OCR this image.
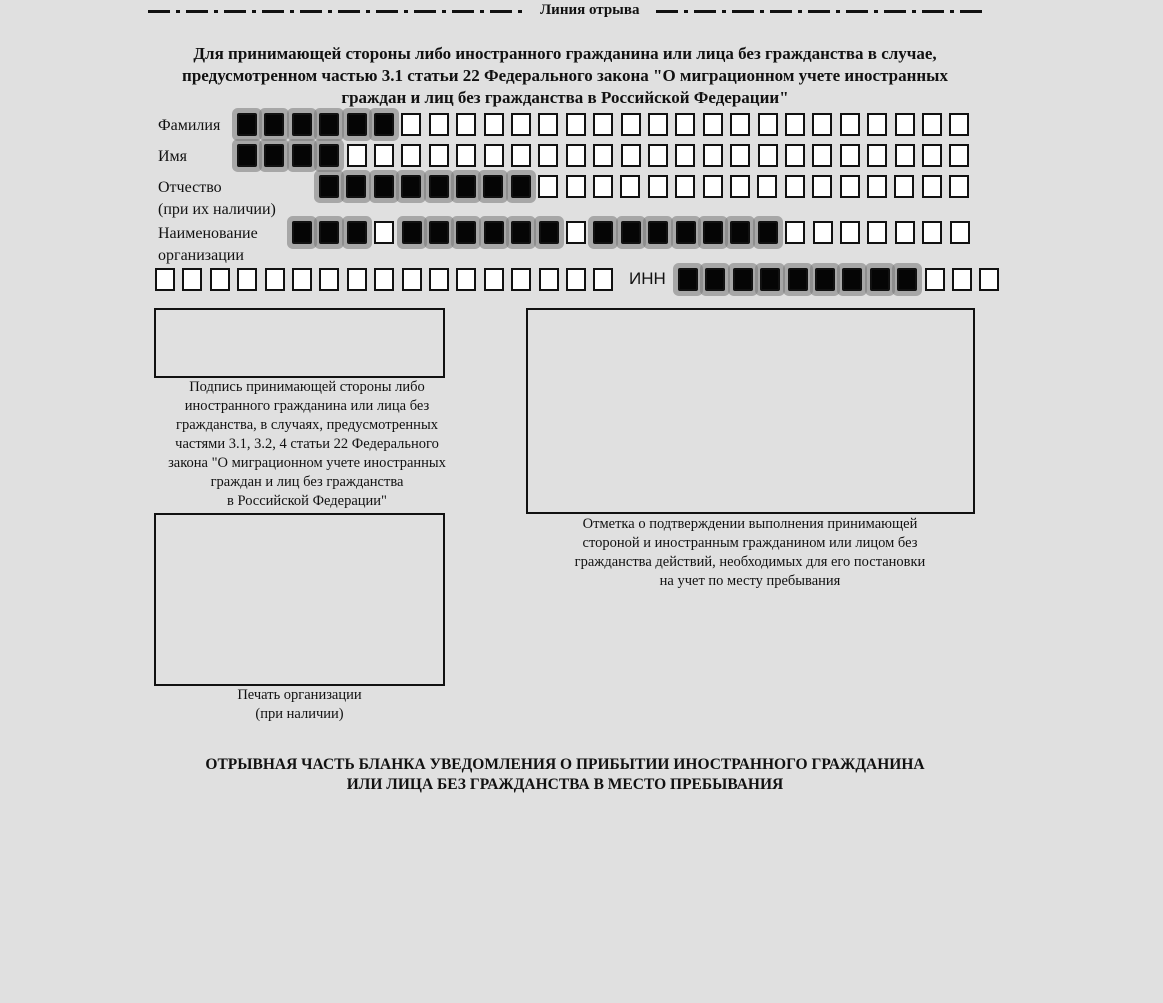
Линия отрыва
Для принимающей стороны либо иностранного гражданина или лица без гражданства в случае, предусмотренном частью 3.1 статьи 22 Федерального закона "О миграционном учете иностранных граждан и лиц без гражданства в Российской Федерации"
Фамилия
Имя
Отчество
(при их наличии)
Наименование
организации
ИНН
Подпись принимающей стороны либо
иностранного гражданина или лица без
гражданства, в случаях, предусмотренных
частями 3.1, 3.2, 4 статьи 22 Федерального
закона "О миграционном учете иностранных
граждан и лиц без гражданства
в Российской Федерации"
Отметка о подтверждении выполнения принимающей
стороной и иностранным гражданином или лицом без
гражданства действий, необходимых для его постановки
на учет по месту пребывания
Печать организации
(при наличии)
ОТРЫВНАЯ ЧАСТЬ БЛАНКА УВЕДОМЛЕНИЯ О ПРИБЫТИИ ИНОСТРАННОГО ГРАЖДАНИНА
ИЛИ ЛИЦА БЕЗ ГРАЖДАНСТВА В МЕСТО ПРЕБЫВАНИЯ
